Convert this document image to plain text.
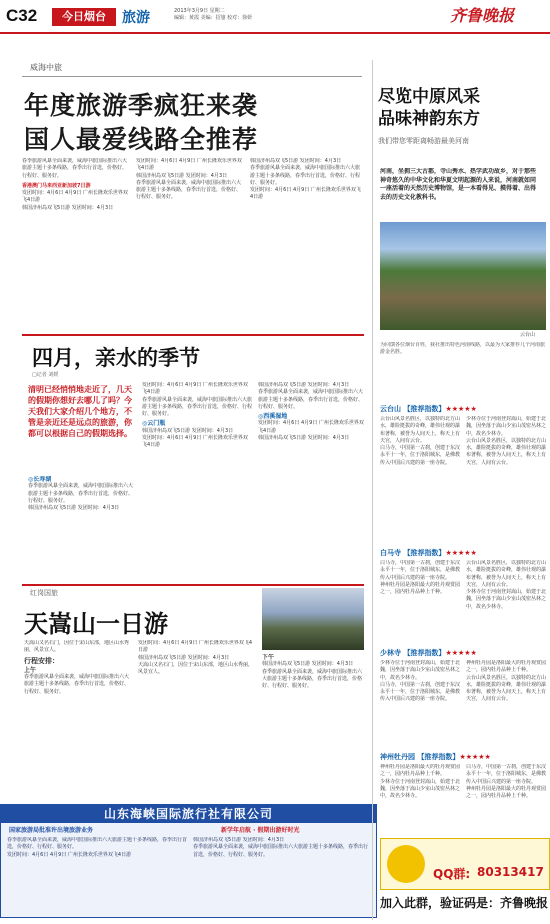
C32	今日烟台	旅游	2013年3月9日 星期二
编辑：黄霞 美编：招鋆 校对：徐妍	齐鲁晚报
威海中旅
年度旅游季疯狂来袭
国人最爱线路全推荐
春季旅游风暴全面来袭，威海中旅国际推出六大旅游主题十多条线路，春季出行首选，价格好、行程好、服务好。
香港澳门马来西亚新加坡7日游
发团时间：4月6日 4月9日 广州长隆欢乐世界双飞4日游
韩国济州岛双飞5日游 发团时间：4月3日
发团时间：4月6日 4月9日 广州长隆欢乐世界双飞4日游
韩国济州岛双飞5日游 发团时间：4月3日
春季旅游风暴全面来袭，威海中旅国际推出六大旅游主题十多条线路，春季出行首选，价格好、行程好、服务好。
韩国济州岛双飞5日游 发团时间：4月3日
春季旅游风暴全面来袭，威海中旅国际推出六大旅游主题十多条线路，春季出行首选，价格好、行程好、服务好。
发团时间：4月6日 4月9日 广州长隆欢乐世界双飞4日游
四月，亲水的季节
□记者 刘媛
清明已经悄悄地走近了，几天的假期你想好去哪儿了吗？今天我们大家介绍几个地方，不管是亲近还是远点的旅游，你都可以根据自己的假期选择。
◎长寿湖
春季旅游风暴全面来袭，威海中旅国际推出六大旅游主题十多条线路，春季出行首选，价格好、行程好、服务好。
韩国济州岛双飞5日游 发团时间：4月3日
发团时间：4月6日 4月9日 广州长隆欢乐世界双飞4日游
春季旅游风暴全面来袭，威海中旅国际推出六大旅游主题十多条线路，春季出行首选，价格好、行程好、服务好。
◎云门瓶
韩国济州岛双飞5日游 发团时间：4月3日
发团时间：4月6日 4月9日 广州长隆欢乐世界双飞4日游
韩国济州岛双飞5日游 发团时间：4月3日
春季旅游风暴全面来袭，威海中旅国际推出六大旅游主题十多条线路，春季出行首选，价格好、行程好、服务好。
◎西溪湿地
发团时间：4月6日 4月9日 广州长隆欢乐世界双飞4日游
韩国济州岛双飞5日游 发团时间：4月3日
红岗国旅
天嵩山一日游
天嵩山又名石门，因位于宋山东部，地区山水秀丽，风景宜人。
行程安排：
上午
春季旅游风暴全面来袭，威海中旅国际推出六大旅游主题十多条线路，春季出行首选，价格好、行程好、服务好。
发团时间：4月6日 4月9日 广州长隆欢乐世界双飞4日游
韩国济州岛双飞5日游 发团时间：4月3日
天嵩山又名石门，因位于宋山东部，地区山水秀丽，风景宜人。
下午
韩国济州岛双飞5日游 发团时间：4月3日
春季旅游风暴全面来袭，威海中旅国际推出六大旅游主题十多条线路，春季出行首选，价格好、行程好、服务好。
山东海峡国际旅行社有限公司
国家旅游局批准许出境旅游业务	新学年启航 · 假期出游好时光
春季旅游风暴全面来袭，威海中旅国际推出六大旅游主题十多条线路，春季出行首选，价格好、行程好、服务好。
发团时间：4月6日 4月9日 广州长隆欢乐世界双飞4日游
韩国济州岛双飞5日游 发团时间：4月3日
春季旅游风暴全面来袭，威海中旅国际推出六大旅游主题十多条线路，春季出行首选，价格好、行程好、服务好。
尽览中原风采
品味神韵东方
我们带您零距离畅游最美河南
河南，坐拥三大古都，寺山秀水、热学武功故乡，对于那些神奇悠久的中华文化和华夏文明起源的人来说，河南就如同一座活着的天然历史博物馆，是一本看得见、摸得着、出得去的历史文化教科书。
云台山
为回馈各位烟台百姓，我社推出特色河南线路，以最为大家推荐几个河南旅游金名胜。
云台山 【推荐指数】★★★★★
云台山风景名胜区，以独特的北方山水，雄险挺拔的奇峰，雄伟壮观的瀑布著称，被誉为人间天上，称天上有天宫，人间有云台。
白马寺，中国第一古刹，创建于东汉永平十一年，位于洛阳城东，是佛教传入中国后兴建的第一座寺院。
少林寺位于河南登封嵩山，始建于北魏，因坐落于嵩山少室山茂密丛林之中，故名少林寺。
云台山风景名胜区，以独特的北方山水，雄险挺拔的奇峰，雄伟壮观的瀑布著称，被誉为人间天上，称天上有天宫，人间有云台。
白马寺 【推荐指数】★★★★★
白马寺，中国第一古刹，创建于东汉永平十一年，位于洛阳城东，是佛教传入中国后兴建的第一座寺院。
神州牡丹园是洛阳最大的牡丹观赏园之一，园内牡丹品种上千种。
云台山风景名胜区，以独特的北方山水，雄险挺拔的奇峰，雄伟壮观的瀑布著称，被誉为人间天上，称天上有天宫，人间有云台。
少林寺位于河南登封嵩山，始建于北魏，因坐落于嵩山少室山茂密丛林之中，故名少林寺。
少林寺 【推荐指数】★★★★★
少林寺位于河南登封嵩山，始建于北魏，因坐落于嵩山少室山茂密丛林之中，故名少林寺。
白马寺，中国第一古刹，创建于东汉永平十一年，位于洛阳城东，是佛教传入中国后兴建的第一座寺院。
神州牡丹园是洛阳最大的牡丹观赏园之一，园内牡丹品种上千种。
云台山风景名胜区，以独特的北方山水，雄险挺拔的奇峰，雄伟壮观的瀑布著称，被誉为人间天上，称天上有天宫，人间有云台。
神州牡丹园 【推荐指数】★★★★★
神州牡丹园是洛阳最大的牡丹观赏园之一，园内牡丹品种上千种。
少林寺位于河南登封嵩山，始建于北魏，因坐落于嵩山少室山茂密丛林之中，故名少林寺。
白马寺，中国第一古刹，创建于东汉永平十一年，位于洛阳城东，是佛教传入中国后兴建的第一座寺院。
神州牡丹园是洛阳最大的牡丹观赏园之一，园内牡丹品种上千种。
QQ群: 80313417
加入此群，验证码是：齐鲁晚报
